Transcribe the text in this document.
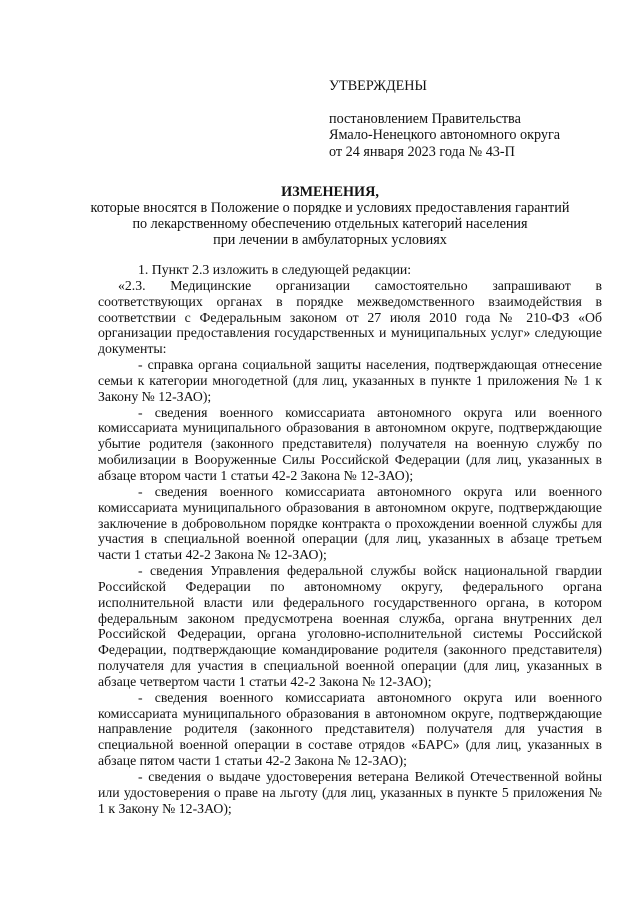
УТВЕРЖДЕНЫ
постановлением Правительства
Ямало-Ненецкого автономного округа
от 24 января 2023 года № 43-П
ИЗМЕНЕНИЯ,
которые вносятся в Положение о порядке и условиях предоставления гарантий
по лекарственному обеспечению отдельных категорий населения
при лечении в амбулаторных условиях

1. Пункт 2.3 изложить в следующей редакции:

«2.3. Медицинские организации самостоятельно запрашивают в соответствующих органах в порядке межведомственного взаимодействия в соответствии с Федеральным законом от 27 июля 2010 года № 210-ФЗ «Об организации предоставления государственных и муниципальных услуг» следующие документы:

- справка органа социальной защиты населения, подтверждающая отнесение семьи к категории многодетной (для лиц, указанных в пункте 1 приложения № 1 к Закону № 12-ЗАО);

- сведения военного комиссариата автономного округа или военного комиссариата муниципального образования в автономном округе, подтверждающие убытие родителя (законного представителя) получателя на военную службу по мобилизации в Вооруженные Силы Российской Федерации (для лиц, указанных в абзаце втором части 1 статьи 42-2 Закона № 12-ЗАО);

- сведения военного комиссариата автономного округа или военного комиссариата муниципального образования в автономном округе, подтверждающие заключение в добровольном порядке контракта о прохождении военной службы для участия в специальной военной операции (для лиц, указанных в абзаце третьем части 1 статьи 42-2 Закона № 12-ЗАО);

- сведения Управления федеральной службы войск национальной гвардии Российской Федерации по автономному округу, федерального органа исполнительной власти или федерального государственного органа, в котором федеральным законом предусмотрена военная служба, органа внутренних дел Российской Федерации, органа уголовно-исполнительной системы Российской Федерации, подтверждающие командирование родителя (законного представителя) получателя для участия в специальной военной операции (для лиц, указанных в абзаце четвертом части 1 статьи 42-2 Закона № 12-ЗАО);

- сведения военного комиссариата автономного округа или военного комиссариата муниципального образования в автономном округе, подтверждающие направление родителя (законного представителя) получателя для участия в специальной военной операции в составе отрядов «БАРС» (для лиц, указанных в абзаце пятом части 1 статьи 42-2 Закона № 12-ЗАО);

- сведения о выдаче удостоверения ветерана Великой Отечественной войны или удостоверения о праве на льготу (для лиц, указанных в пункте 5 приложения № 1 к Закону № 12-ЗАО);
